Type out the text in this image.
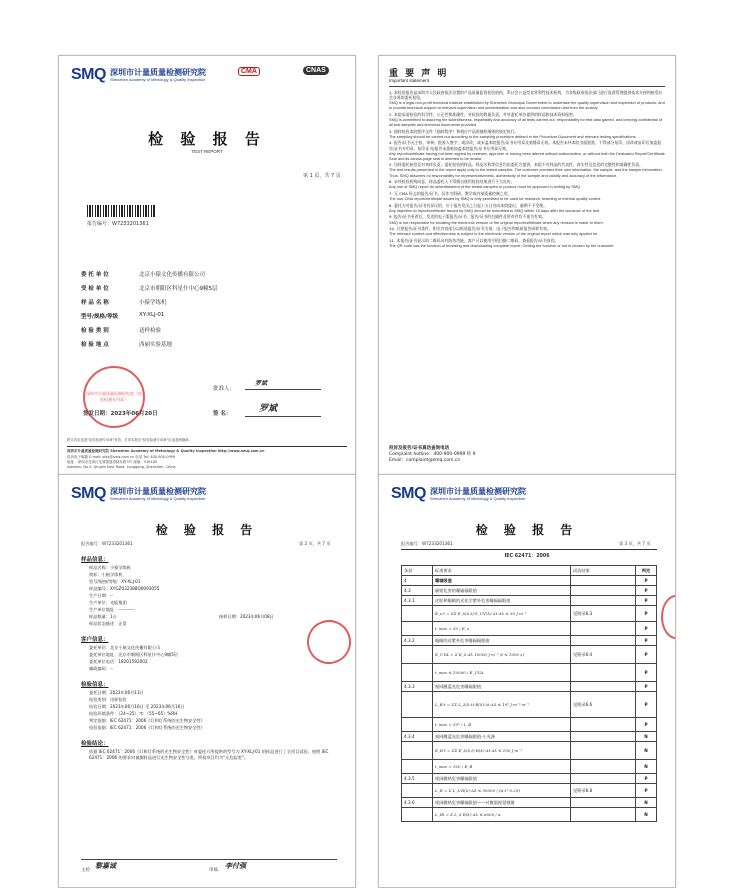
SMQ 深圳市计量质量检测研究院
Shenzhen Academy of Metrology & Quality Inspection
CMA	CNAS
检 验 报 告
TEST REPORT
报告编号：W7233201361
第 1 页，共 7 页
委 托 单 位	北京小猿文化传播有限公司
受 检 单 位	北京市朝阳区科星什中心9幢5层
样 品 名 称	小猿学练机
型号/规格/等级	XY-XLJ-01
检 验 类 别	送样检验
检 验 地 点	西丽实验基地
深圳市计量质量检测研究院（检验检测专用章）
批准人：
罗斌
签发日期：2023年06月20日	签 名：	罗斌
报告首页加盖"检验检测专用章"有效，打印本报告"检验检测专用章"应加盖骑缝章。
深圳市计量质量检测研究院 Shenzhen Academy of Metrology & Quality Inspection http://www.smq.com.cn
投诉电子邮箱 E-mail: sfzx@smq.com.cn 电话 Tel: 400-900-0999
地址：深圳市龙岗区龙城街道清林东路3号 邮编：518100
Address: No.3, Qinglin East Road, Longgang, Shenzhen, China
重 要 声 明
Important statement

1. 本检验报告是深圳市人民政府依法设置的产品质量监督检验机构，系社会公益型非营利性技术机构，为各级政府依法部门进行监督管理提供技术支持和接受社会各界的委托检验。
SMQ is a legal non-profit technical institute established by Shenzhen Municipal Government to undertake the quality supervision and inspection of products, and to provide technical support to relevant supervision and administration and also conduct commission test from the society.

2. 本院承诺检验的科学性、公正性和准确性，对检验的数据负责，并对委托单位提供的样品和技术资料保密。
SMQ is committed to assuring the scientificness, impartiality and accuracy of all tests carried out, responsibility for test data gained, and keeping confidential of all test samples and technical documents provided.

3. 抽样检验本院程序文件《抽样程序》和相应产品的抽样细则的规定执行。
The sampling should be carried out according to the sampling procedure defined in the Procedure Document and relevant testing specifications.

4. 报告/证书无主检、审核、批准人签字，或涂改，或未盖本院报告/证书专用章及骑缝章无效。本报告未经本院书面批准，不得部分复印，涂改或复印后加盖报告/证书专用章，复印证书/报告未重新加盖本院报告/证书专用章无效。
Any report/certificate having not been signed by reviewer, approver or having been altered without authorization, or without both the Dedicated Report/Certificate Seal and its across-page seal is deemed to be invalid.

5. 送样委托检验仅对来样负责，委托检验的样品、样品名称等信息均由委托方提供，本院不对样品的代表性、真实性及信息的完整性和准确性负责。
The test results presented in the report apply only to the tested samples. The customer provides their own information, the sample, and the sample information. Thus, SMQ assumes no responsibility for representativeness, authenticity of the sample and validity and accuracy of the information.

6. 未经检验机构同意，样品委托人不得擅自使用检验结果进行不当宣传。
Any use of SMQ report for advertisement of the tested samples or product must be approved in writing by SMQ.

7. 无 CMA 标志的报告/证书，仅作为科研、教学或内部质量控制之用。
The non-CMA report/certificate issued by SMQ is only permitted to be used for research, teaching or internal quality control.

8. 委托方对报告/证书有异议的，应于报告发出之日起十五日内向本院提出，逾期不予受理。
Any objection to report/certificate issued by SMQ should be submitted to SMQ within 15 days after the issuance of the test.

9. 报告/证书更改后，发送的电子版报告/证书，报告/证书的扫描件及所有件均不视为有效。
SMQ is not responsible for recalling the electronic version of the original report/certificate when any revision is made to them.

10. 只要报告/证书条件，相关内容部分以纸质报告/证书为准，电子报告和纸质报告同样有效。
The relevant content and effectiveness is subject to the electronic version of the original report which was only applied for.

11. 本报告/证书显示的二维码具有防伪功能，客户可以使用手机扫描二维码，查看报告/证书真伪。
The QR code has the function of browsing and downloading complete report. Getting the function or not is chosen by the customer.

投诉及报告/证书真伪查询电话
Complaint hotline：400-900-0999 转 9
Email：complaint@smq.com.cn
SMQ 深圳市计量质量检测研究院
Shenzhen Academy of Metrology & Quality Inspection
检 验 报 告
报告编号：W7233201361	第 2 页，共 7 页
样品信息：
样品名称：小猿学练机
商标：小猿学练机
型号/规格/等级：XY-XLJ-01
样品编号：XYGZ032388Q0093055
生产日期：--
生产单位：光能集团
生产单位地址：-----------
样品数量：1台	接样日期：2023年06月08日
样品状态描述：正常
客户信息：
委托单位：北京小猿文化传播有限公司
委托单位地址：北京市朝阳区科星什中心9幢5层
委托单位电话：18201592002
邮政编码：--
检验信息：
委托日期：2023年06月13日
检验类别：送样检验
检验日期：2023年06月16日 至 2023年06月16日
检验环境条件：（24~25）℃ （55~65）%RH
判定依据：IEC 62471：2006《灯和灯系统的光生物安全性》
检验依据：IEC 62471：2006《灯和灯系统的光生物安全性》
检验结论：
依据 IEC 62471：2006《灯和灯系统的光生物安全性》对委托方所提供的型号为 XY-XLJ-01 的样品进行了全项目试验，按照 IEC 62471：2006 的要求对被测样品进行光生物安全性分类，所检项目均为"无危险类"。
主检：
黎嘉诚
审核：
李付强
SMQ 深圳市计量质量检测研究院
Shenzhen Academy of Metrology & Quality Inspection
检 验 报 告
报告编号：W7233201361	第 3 页，共 7 页
IEC 62471：2006
条款	标准要求	试验结果	判定
4	曝辐限值		P
4.3	辐射危害的曝辐辐限值		P
4.3.1	皮肤和眼睛的光化学紫外危害曝辐辐限值		P
	E_s·t = ΣΣ E_λ(λ,t)·S_UV(λ)·Δt·Δλ ≤ 30 J·m⁻²	见附录6.3	P
	t_max = 30 / E_s		P
4.3.2	眼睛的近紫外危害曝辐辐限值		P
	E_UVA = Σ E_λ·Δλ 10000 J·m⁻² (t ≤ 1000 s)	见附录6.4	P
	t_max ≤ 10000 / E_UVA		P
4.3.3	视网膜蓝光危害曝辐限值		P
	L_B·t = ΣΣ L_λ(λ,t)·B(λ)·Δt·Δλ ≤ 10⁶ J·m⁻²·sr⁻¹	见附录6.6	P
	t_max = 10⁶ / L_B		P
4.3.4	视网膜蓝光危害曝辐限值-小光源		N
	E_B·t = ΣΣ E_λ(λ,t)·B(λ)·Δt·Δλ ≤ 100 J·m⁻²		N
	t_max = 100 / E_B		N
4.3.5	视网膜热危害曝辐限值		P
	L_R = Σ L_λ·R(λ)·Δλ ≤ 50000 / (α·t^0.25)	见附录6.8	P
4.3.6	视网膜热危害曝辐限值——对微弱视觉刺激		N
	L_IR = Σ L_λ·R(λ)·Δλ ≤ 6000 / α		N
